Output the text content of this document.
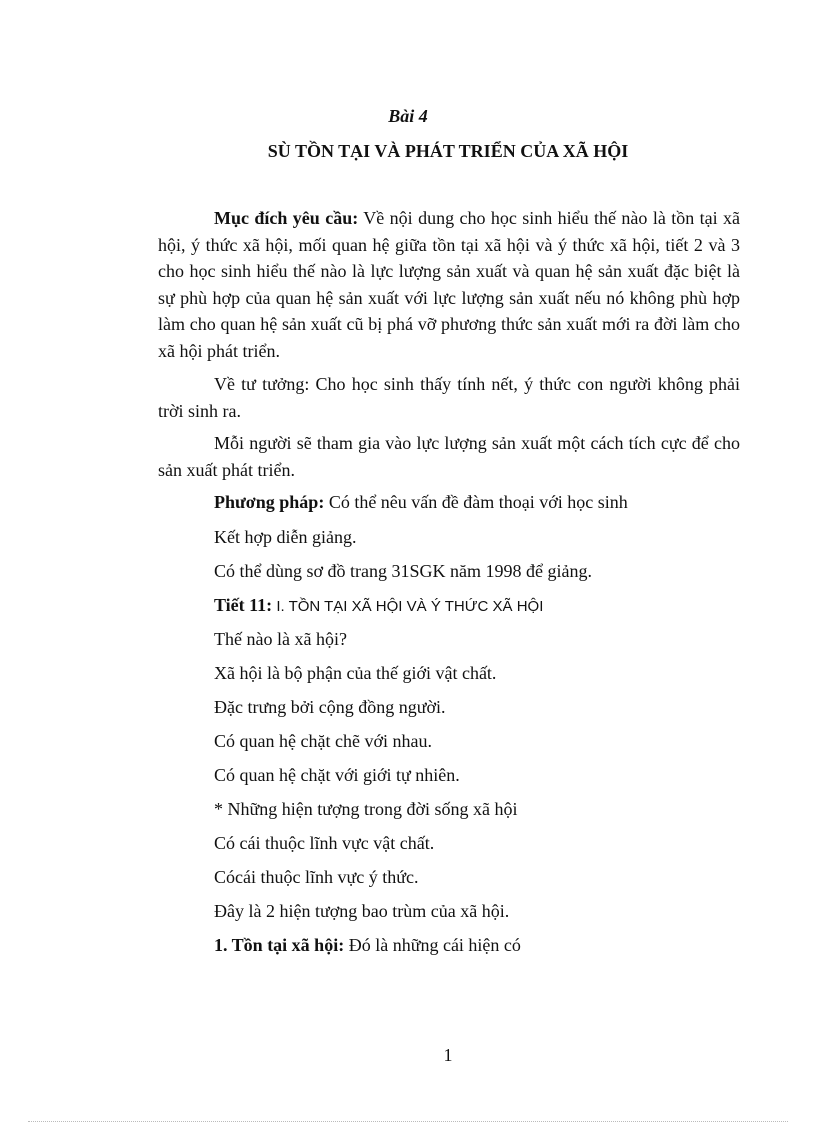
Bài 4
SÙ TỒN TẠI VÀ PHÁT TRIỂN CỦA XÃ HỘI

Mục đích yêu cầu: Về nội dung cho học sinh hiểu thế nào là tồn tại xã hội, ý thức xã hội, mối quan hệ giữa tồn tại xã hội và ý thức xã hội, tiết 2 và 3 cho học sinh hiểu thế nào là lực lượng sản xuất và quan hệ sản xuất đặc biệt là sự phù hợp của quan hệ sản xuất với lực lượng sản xuất nếu nó không phù hợp làm cho quan hệ sản xuất cũ bị phá vỡ phương thức sản xuất mới ra đời làm cho xã hội phát triển.

Về tư tưởng: Cho học sinh thấy tính nết, ý thức con người không phải trời sinh ra.

Mỗi người sẽ tham gia vào lực lượng sản xuất một cách tích cực để cho sản xuất phát triển.

Phương pháp: Có thể nêu vấn đề đàm thoại với học sinh

Kết hợp diễn giảng.

Có thể dùng sơ đồ trang 31SGK năm 1998 để giảng.

Tiết 11: I. TỒN TẠI XÃ HỘI VÀ Ý THỨC XÃ HỘI

Thế nào là xã hội?

Xã hội là bộ phận của thế giới vật chất.

Đặc trưng bởi cộng đồng người.

Có quan hệ chặt chẽ với nhau.

Có quan hệ chặt với giới tự nhiên.

* Những hiện tượng trong đời sống xã hội

Có cái thuộc lĩnh vực vật chất.

Cócái thuộc lĩnh vực ý thức.

Đây là 2 hiện tượng bao trùm của xã hội.

1. Tồn tại xã hội: Đó là những cái hiện có

1
